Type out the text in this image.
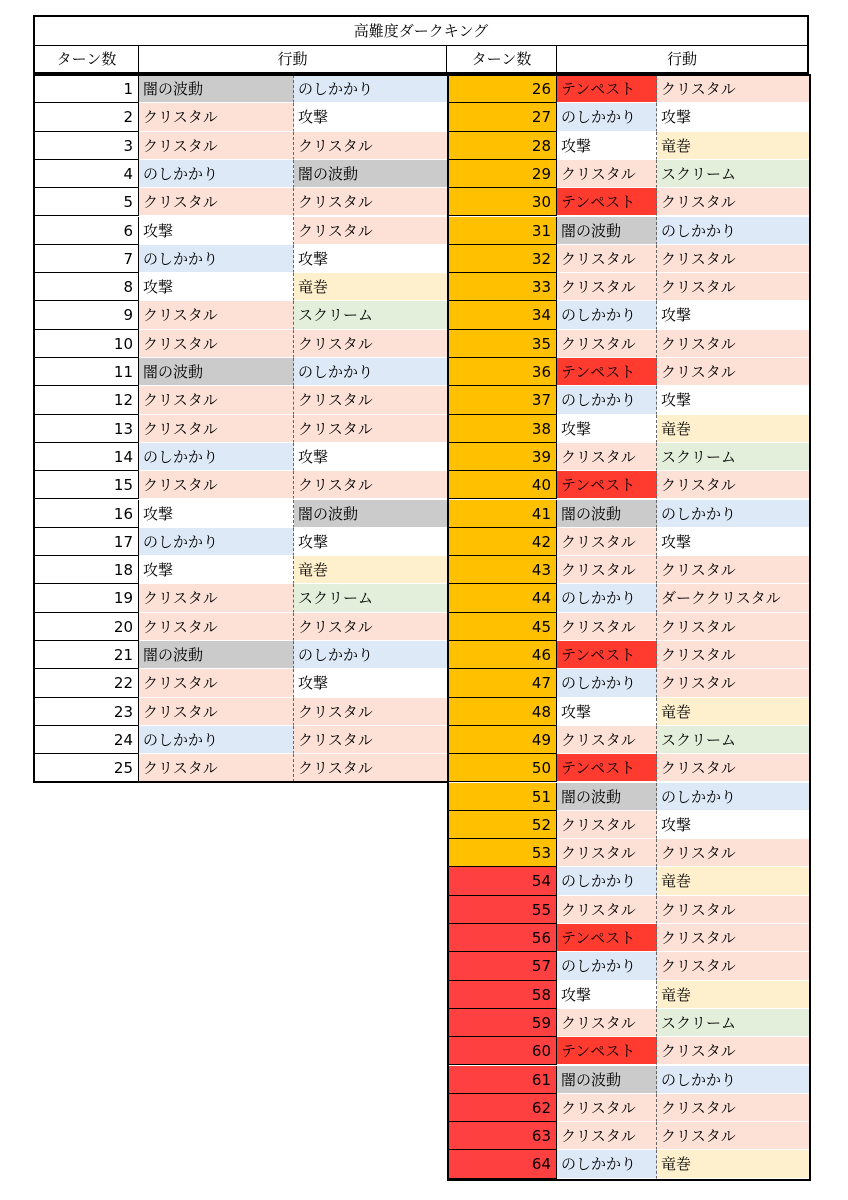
高難度ダークキング
ターン数	行動	ターン数	行動
1 闇の波動	のしかかり
2 クリスタル	攻撃
3 クリスタル	クリスタル
4 のしかかり	闇の波動
5 クリスタル	クリスタル
6 攻撃	クリスタル
7 のしかかり	攻撃
8 攻撃	竜巻
9 クリスタル	スクリーム
10 クリスタル	クリスタル
11 闇の波動	のしかかり
12 クリスタル	クリスタル
13 クリスタル	クリスタル
14 のしかかり	攻撃
15 クリスタル	クリスタル
16 攻撃	闇の波動
17 のしかかり	攻撃
18 攻撃	竜巻
19 クリスタル	スクリーム
20 クリスタル	クリスタル
21 闇の波動	のしかかり
22 クリスタル	攻撃
23 クリスタル	クリスタル
24 のしかかり	クリスタル
25 クリスタル	クリスタル
26 テンペスト	クリスタル
27 のしかかり	攻撃
28 攻撃	竜巻
29 クリスタル	スクリーム
30 テンペスト	クリスタル
31 闇の波動	のしかかり
32 クリスタル	クリスタル
33 クリスタル	クリスタル
34 のしかかり	攻撃
35 クリスタル	クリスタル
36 テンペスト	クリスタル
37 のしかかり	攻撃
38 攻撃	竜巻
39 クリスタル	スクリーム
40 テンペスト	クリスタル
41 闇の波動	のしかかり
42 クリスタル	攻撃
43 クリスタル	クリスタル
44 のしかかり	ダーククリスタル
45 クリスタル	クリスタル
46 テンペスト	クリスタル
47 のしかかり	クリスタル
48 攻撃	竜巻
49 クリスタル	スクリーム
50 テンペスト	クリスタル
51 闇の波動	のしかかり
52 クリスタル	攻撃
53 クリスタル	クリスタル
54 のしかかり	竜巻
55 クリスタル	クリスタル
56 テンペスト	クリスタル
57 のしかかり	クリスタル
58 攻撃	竜巻
59 クリスタル	スクリーム
60 テンペスト	クリスタル
61 闇の波動	のしかかり
62 クリスタル	クリスタル
63 クリスタル	クリスタル
64 のしかかり	竜巻
